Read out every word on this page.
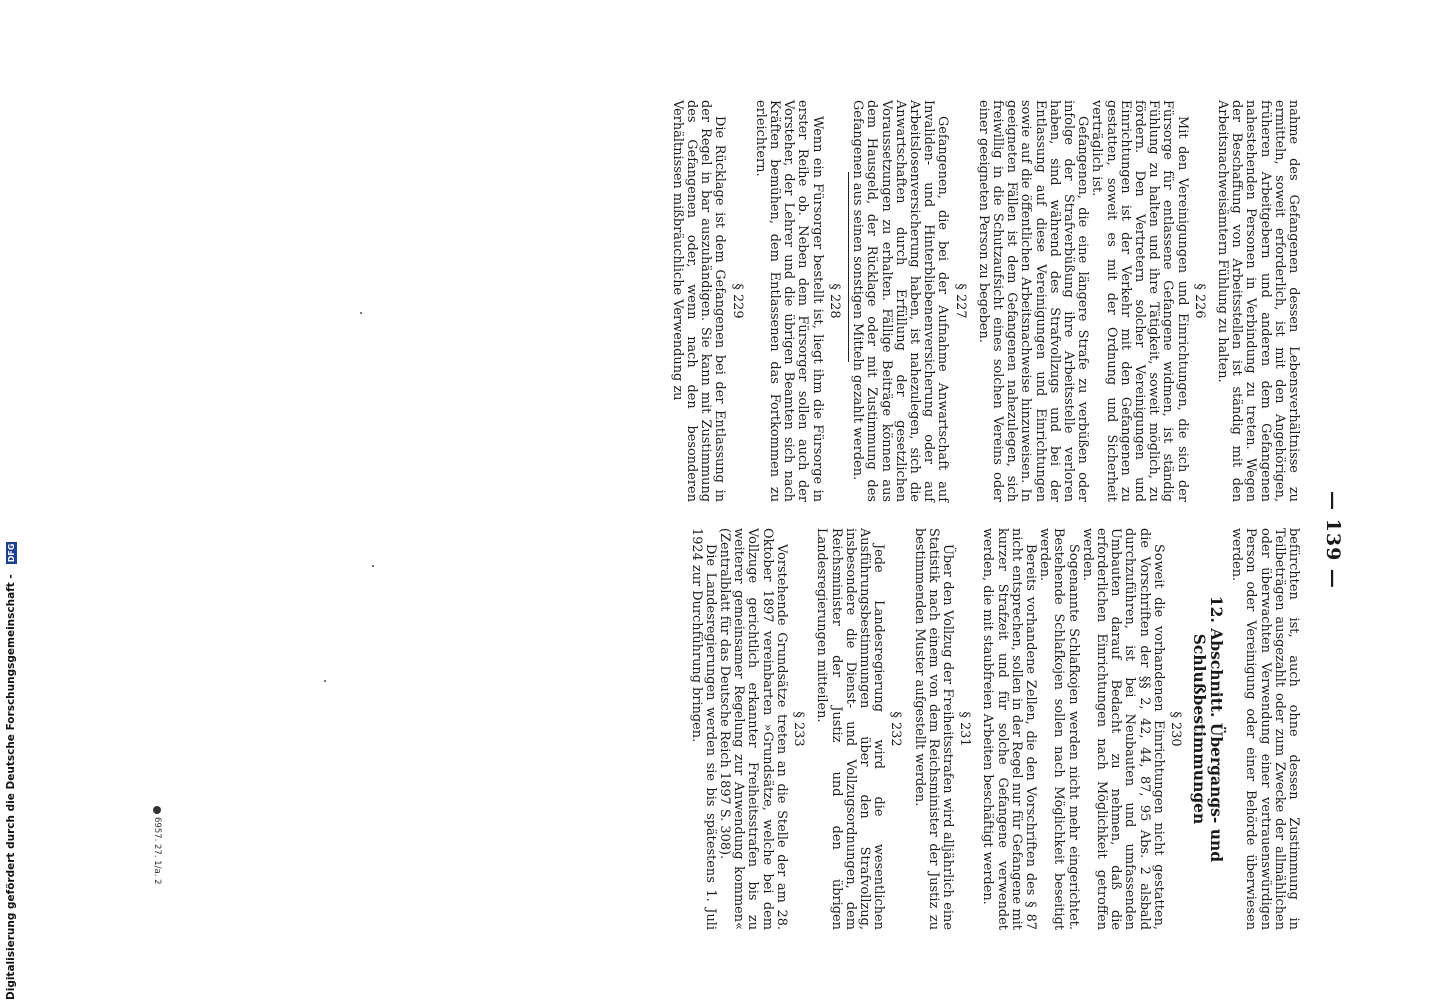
— 139 —

nahme des Gefangenen dessen Lebensverhältnisse zu ermitteln, soweit erforderlich, ist mit den Angehörigen, früheren Arbeitgebern und anderen dem Gefangenen nahestehenden Personen in Verbindung zu treten. Wegen der Beschaffung von Arbeitsstellen ist ständig mit den Arbeitsnachweisämtern Fühlung zu halten.

§ 226

Mit den Vereinigungen und Einrichtungen, die sich der Fürsorge für entlassene Gefangene widmen, ist ständig Fühlung zu halten und ihre Tätigkeit, soweit möglich, zu fördern. Den Vertretern solcher Vereinigungen und Einrichtungen ist der Verkehr mit den Gefangenen zu gestatten, soweit es mit der Ordnung und Sicherheit verträglich ist.

Gefangenen, die eine längere Strafe zu verbüßen oder infolge der Strafverbüßung ihre Arbeitsstelle verloren haben, sind während des Strafvollzugs und bei der Entlassung auf diese Vereinigungen und Einrichtungen sowie auf die öffentlichen Arbeitsnachweise hinzuweisen. In geeigneten Fällen ist dem Gefangenen nahezulegen, sich freiwillig in die Schutzaufsicht eines solchen Vereins oder einer geeigneten Person zu begeben.

§ 227

Gefangenen, die bei der Aufnahme Anwartschaft auf Invaliden- und Hinterbliebenenversicherung oder auf Arbeitslosenversicherung haben, ist nahezulegen, sich die Anwartschaften durch Erfüllung der gesetzlichen Voraussetzungen zu erhalten. Fällige Beiträge können aus dem Hausgeld, der Rücklage oder mit Zustimmung des Gefangenen aus seinen sonstigen Mitteln gezahlt werden.

§ 228

Wenn ein Fürsorger bestellt ist, liegt ihm die Fürsorge in erster Reihe ob. Neben dem Fürsorger sollen auch der Vorsteher, der Lehrer und die übrigen Beamten sich nach Kräften bemühen, dem Entlassenen das Fortkommen zu erleichtern.

§ 229

Die Rücklage ist dem Gefangenen bei der Entlassung in der Regel in bar auszuhändigen. Sie kann mit Zustimmung des Gefangenen oder, wenn nach den besonderen Verhältnissen mißbräuchliche Verwendung zu

befürchten ist, auch ohne dessen Zustimmung in Teilbeträgen ausgezahlt oder zum Zwecke der allmählichen oder überwachten Verwendung einer vertrauenswürdigen Person oder Vereinigung oder einer Behörde überwiesen werden.

12. Abschnitt. Übergangs- und Schlußbestimmungen
§ 230

Soweit die vorhandenen Einrichtungen nicht gestatten, die Vorschriften der §§ 2, 42, 44, 87, 95 Abs. 2 alsbald durchzuführen, ist bei Neubauten und umfassenden Umbauten darauf Bedacht zu nehmen, daß die erforderlichen Einrichtungen nach Möglichkeit getroffen werden.

Sogenannte Schlafkojen werden nicht mehr eingerichtet. Bestehende Schlafkojen sollen nach Möglichkeit beseitigt werden.

Bereits vorhandene Zellen, die den Vorschriften des § 87 nicht entsprechen, sollen in der Regel nur für Gefangene mit kurzer Strafzeit und für solche Gefangene verwendet werden, die mit staubfreien Arbeiten beschäftigt werden.

§ 231

Über den Vollzug der Freiheitsstrafen wird alljährlich eine Statistik nach einem von dem Reichsminister der Justiz zu bestimmenden Muster aufgestellt werden.

§ 232

Jede Landesregierung wird die wesentlichen Ausführungsbestimmungen über den Strafvollzug, insbesondere die Dienst- und Vollzugsordnungen, dem Reichsminister der Justiz und den übrigen Landesregierungen mitteilen.

§ 233

Vorstehende Grundsätze treten an die Stelle der am 28. Oktober 1897 vereinbarten »Grundsätze, welche bei dem Vollzuge gerichtlich erkannter Freiheitsstrafen bis zu weiterer gemeinsamer Regelung zur Anwendung kommen« (Zentralblatt für das Deutsche Reich 1897 S. 308).

Die Landesregierungen werden sie bis spätestens 1. Juli 1924 zur Durchführung bringen.

6957. 27. 1/a. 2
Digitalisierung gefördert durch die Deutsche Forschungsgemeinschaft -DFG
